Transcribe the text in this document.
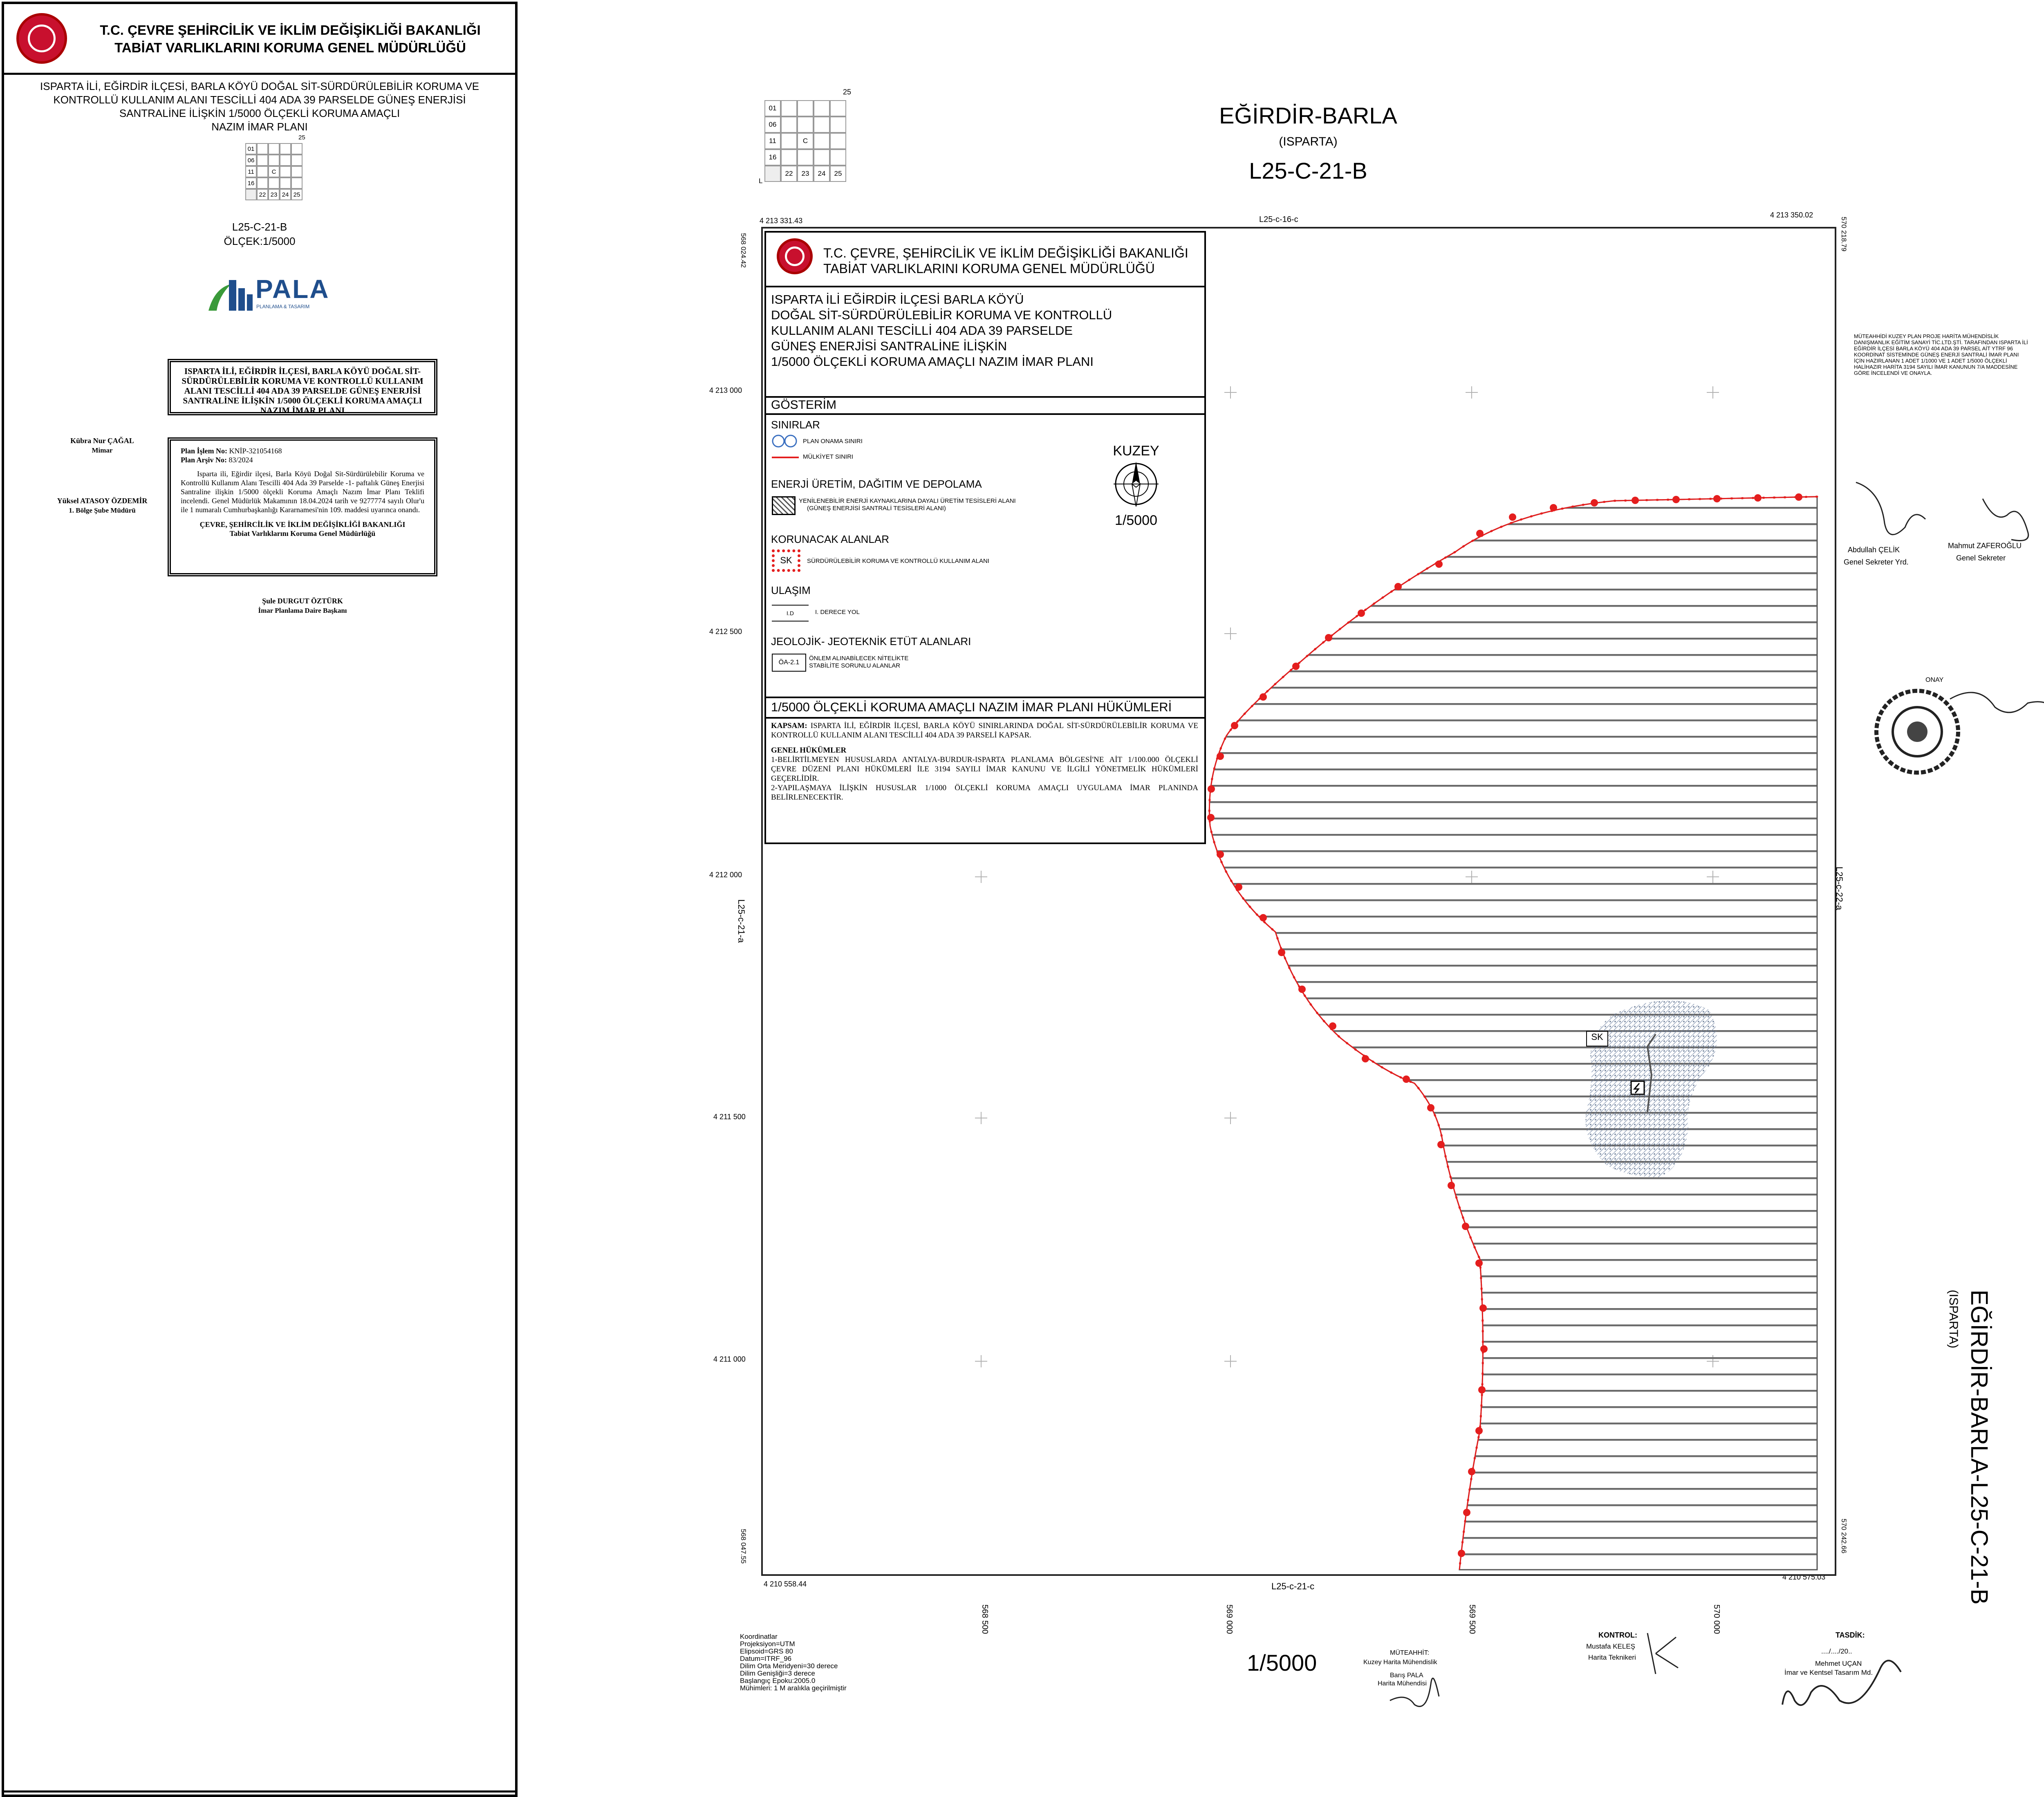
T.C. ÇEVRE ŞEHİRCİLİK VE İKLİM DEĞİŞİKLİĞİ BAKANLIĞI
TABİAT VARLIKLARINI KORUMA GENEL MÜDÜRLÜĞÜ
ISPARTA İLİ, EĞİRDİR İLÇESİ, BARLA KÖYÜ DOĞAL SİT-SÜRDÜRÜLEBİLİR KORUMA VE
KONTROLLÜ KULLANIM ALANI TESCİLLİ 404 ADA 39 PARSELDE GÜNEŞ ENERJİSİ
SANTRALİNE İLİŞKİN 1/5000 ÖLÇEKLİ KORUMA AMAÇLI
NAZIM İMAR PLANI
25
01
06
11	C
16
22 23 24 25
L25-C-21-B
ÖLÇEK:1/5000
PALA
PLANLAMA & TASARIM
ISPARTA İLİ, EĞİRDİR İLÇESİ, BARLA KÖYÜ DOĞAL SİT-SÜRDÜRÜLEBİLİR KORUMA VE KONTROLLÜ KULLANIM ALANI TESCİLLİ 404 ADA 39 PARSELDE GÜNEŞ ENERJİSİ SANTRALİNE İLİŞKİN 1/5000 ÖLÇEKLİ KORUMA AMAÇLI NAZIM İMAR PLANI
Kübra Nur ÇAĞAL
Mimar
Yüksel ATASOY ÖZDEMİR
1. Bölge Şube Müdürü
Plan İşlem No: KNİP-321054168
Plan Arşiv No: 83/2024
Isparta ili, Eğirdir ilçesi, Barla Köyü Doğal Sit-Sürdürülebilir Koruma ve Kontrollü Kullanım Alanı Tescilli 404 Ada 39 Parselde -1- paftalık Güneş Enerjisi Santraline ilişkin 1/5000 ölçekli Koruma Amaçlı Nazım İmar Planı Teklifi incelendi. Genel Müdürlük Makamının 18.04.2024 tarih ve 9277774 sayılı Olur'u ile 1 numaralı Cumhurbaşkanlığı Kararnamesi'nin 109. maddesi uyarınca onandı.
ÇEVRE, ŞEHİRCİLİK VE İKLİM DEĞİŞİKLİĞİ BAKANLIĞI
Tabiat Varlıklarını Koruma Genel Müdürlüğü
Şule DURGUT ÖZTÜRK
İmar Planlama Daire Başkanı
25
01
06
11	C
16
22	23	24	25
L
EĞİRDİR-BARLA
(ISPARTA)
L25-C-21-B
4 213 331.43
4 213 350.02
L25-c-16-c
L25-c-21-c
4 210 558.44
4 210 575.03
568 024.42
568 047.55
570 218.79
570 242.66
L25-c-21-a
L25-c-22-a
4 213 000
4 212 500
4 212 000
4 211 500
4 211 000
568 500	569 000	569 500	570 000
SK
T.C. ÇEVRE, ŞEHİRCİLİK VE İKLİM DEĞİŞİKLİĞİ BAKANLIĞI
TABİAT VARLIKLARINI KORUMA GENEL MÜDÜRLÜĞÜ
ISPARTA İLİ EĞİRDİR İLÇESİ BARLA KÖYÜ
DOĞAL SİT-SÜRDÜRÜLEBİLİR KORUMA VE KONTROLLÜ
KULLANIM ALANI TESCİLLİ 404 ADA 39 PARSELDE
GÜNEŞ ENERJİSİ SANTRALİNE İLİŞKİN
1/5000 ÖLÇEKLİ KORUMA AMAÇLI NAZIM İMAR PLANI
GÖSTERİM
SINIRLAR
PLAN ONAMA SINIRI
MÜLKİYET SINIRI
ENERJİ ÜRETİM, DAĞITIM VE DEPOLAMA
YENİLENEBİLİR ENERJİ KAYNAKLARINA DAYALI ÜRETİM TESİSLERİ ALANI
(GÜNEŞ ENERJİSİ SANTRALİ TESİSLERİ ALANI)
KORUNACAK ALANLAR
SK	SÜRDÜRÜLEBİLİR KORUMA VE KONTROLLÜ KULLANIM ALANI
ULAŞIM
I.D	I. DERECE YOL
JEOLOJİK- JEOTEKNİK ETÜT ALANLARI
ÖA-2.1
ÖNLEM ALINABİLECEK NİTELİKTE
STABİLİTE SORUNLU ALANLAR
KUZEY
1/5000
1/5000 ÖLÇEKLİ KORUMA AMAÇLI NAZIM İMAR PLANI HÜKÜMLERİ
KAPSAM: ISPARTA İLİ, EĞİRDİR İLÇESİ, BARLA KÖYÜ SINIRLARINDA DOĞAL SİT-SÜRDÜRÜLEBİLİR KORUMA VE KONTROLLÜ KULLANIM ALANI TESCİLLİ 404 ADA 39 PARSELİ KAPSAR.
GENEL HÜKÜMLER
1-BELİRTİLMEYEN HUSUSLARDA ANTALYA-BURDUR-ISPARTA PLANLAMA BÖLGESİ'NE AİT 1/100.000 ÖLÇEKLİ ÇEVRE DÜZENİ PLANI HÜKÜMLERİ İLE 3194 SAYILI İMAR KANUNU VE İLGİLİ YÖNETMELİK HÜKÜMLERİ GEÇERLİDİR.
2-YAPILAŞMAYA İLİŞKİN HUSUSLAR 1/1000 ÖLÇEKLİ KORUMA AMAÇLI UYGULAMA İMAR PLANINDA BELİRLENECEKTİR.
MÜTEAHHİDİ KUZEY PLAN PROJE HARİTA MÜHENDİSLİK DANIŞMANLIK EĞİTİM SANAYİ TİC.LTD.ŞTİ. TARAFINDAN ISPARTA İLİ EĞİRDİR İLÇESİ BARLA KÖYÜ 404 ADA 39 PARSEL AİT YTRF 96 KOORDİNAT SİSTEMİNDE GÜNEŞ ENERJİ SANTRALİ İMAR PLANI İÇİN HAZIRLANAN 1 ADET 1/1000 VE 1 ADET 1/5000 ÖLÇEKLİ HALİHAZIR HARİTA 3194 SAYILI İMAR KANUNUN 7/A MADDESİNE GÖRE İNCELENDİ VE ONAYLA.
Abdullah ÇELİK
Genel Sekreter Yrd.
Mahmut ZAFEROĞLU
Genel Sekreter
ONAY
EĞİRDİR-BARLA-L25-C-21-B
(ISPARTA)
Koordinatlar
Projeksiyon=UTM
Elipsoid=GRS 80
Datum=ITRF_96
Dilim Orta Meridyeni=30 derece
Dilim Genişliği=3 derece
Başlangıç Epoku:2005.0
Mühimleri: 1 M aralıkla geçirilmiştir
1/5000	MÜTEAHHİT:
Kuzey Harita Mühendislik
Barış PALA
Harita Mühendisi
KONTROL:
Mustafa KELEŞ
Harita Teknikeri
TASDİK:
..../..../20..
Mehmet UÇAN
İmar ve Kentsel Tasarım Md.
